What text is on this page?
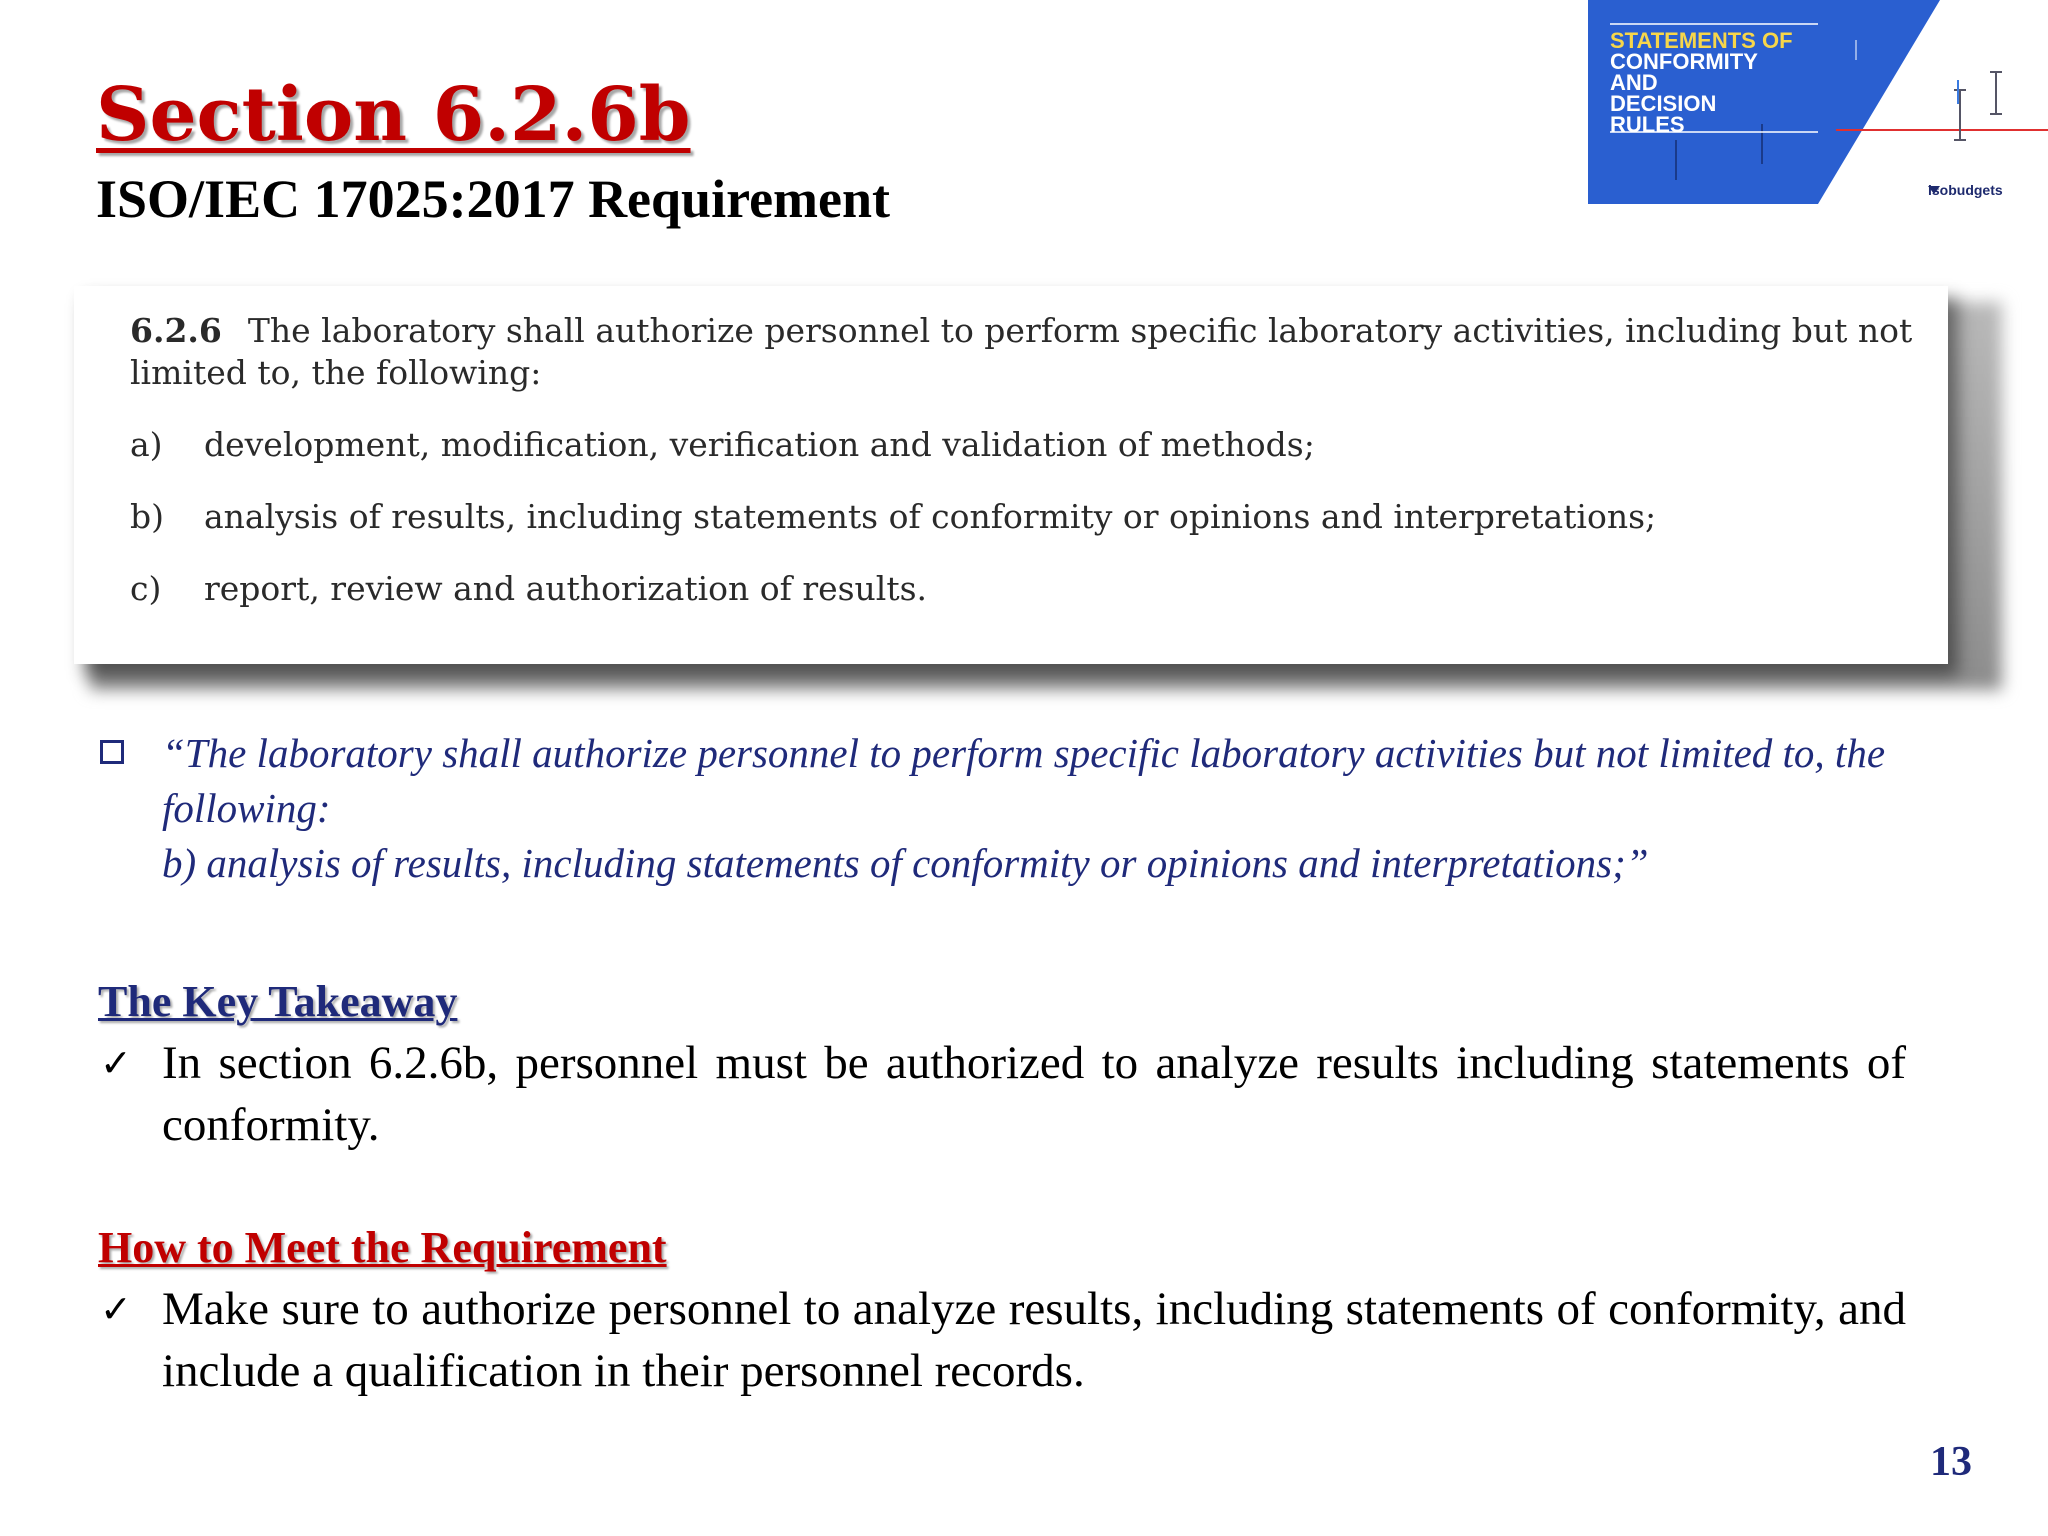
Section 6.2.6b
ISO/IEC 17025:2017 Requirement
STATEMENTS OF
CONFORMITY
AND
DECISION
RULES
isobudgets
6.2.6 The laboratory shall authorize personnel to perform specific laboratory activities, including but not limited to, the following:
a) development, modification, verification and validation of methods;
b) analysis of results, including statements of conformity or opinions and interpretations;
c) report, review and authorization of results.
“The laboratory shall authorize personnel to perform specific laboratory activities but not limited to, the following:
b) analysis of results, including statements of conformity or opinions and interpretations;”
The Key Takeaway
✓ In section 6.2.6b, personnel must be authorized to analyze results including statements of conformity.
How to Meet the Requirement
✓ Make sure to authorize personnel to analyze results, including statements of conformity, and include a qualification in their personnel records.
13
